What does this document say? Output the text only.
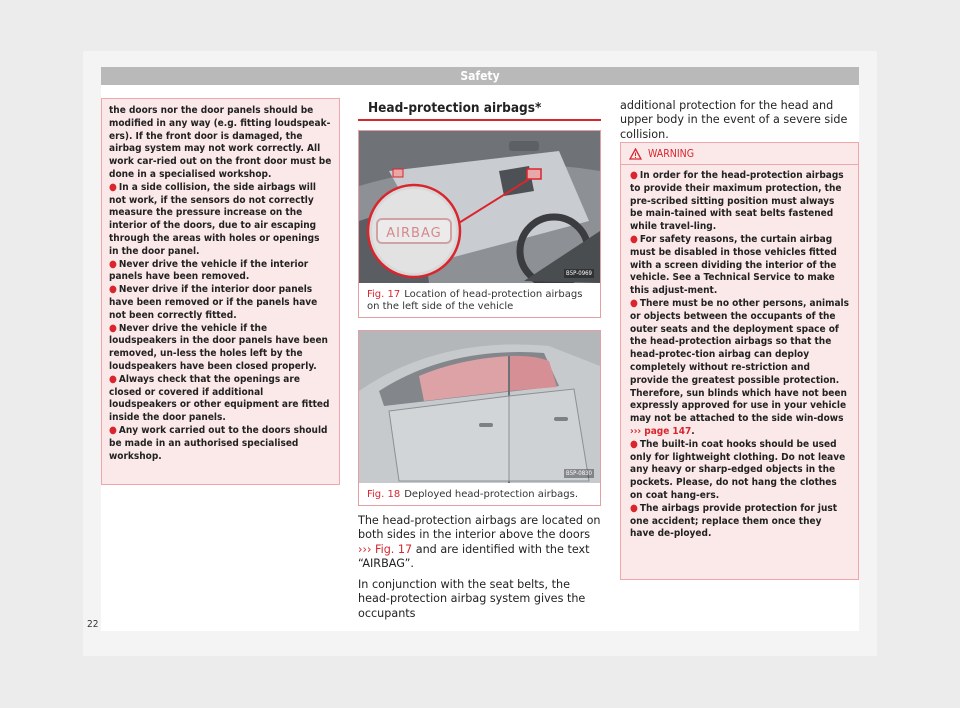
Safety

the doors nor the door panels should be modified in any way (e.g. fitting loudspeak-ers). If the front door is damaged, the airbag system may not work correctly. All work car-ried out on the front door must be done in a specialised workshop.

● In a side collision, the side airbags will not work, if the sensors do not correctly measure the pressure increase on the interior of the doors, due to air escaping through the areas with holes or openings in the door panel.
● Never drive the vehicle if the interior panels have been removed.
● Never drive if the interior door panels have been removed or if the panels have not been correctly fitted.
● Never drive the vehicle if the loudspeakers in the door panels have been removed, un-less the holes left by the loudspeakers have been closed properly.
● Always check that the openings are closed or covered if additional loudspeakers or other equipment are fitted inside the door panels.
● Any work carried out to the doors should be made in an authorised specialised workshop.
Head-protection airbags*
AIRBAG
B5P-0969
Fig. 17 Location of head-protection airbags on the left side of the vehicle
B5P-0830
Fig. 18 Deployed head-protection airbags.
The head-protection airbags are located on both sides in the interior above the doors ››› Fig. 17 and are identified with the text “AIRBAG”.
In conjunction with the seat belts, the head-protection airbag system gives the occupants
additional protection for the head and upper body in the event of a severe side collision.
WARNING
● In order for the head-protection airbags to provide their maximum protection, the pre-scribed sitting position must always be main-tained with seat belts fastened while travel-ling.
● For safety reasons, the curtain airbag must be disabled in those vehicles fitted with a screen dividing the interior of the vehicle. See a Technical Service to make this adjust-ment.
● There must be no other persons, animals or objects between the occupants of the outer seats and the deployment space of the head-protection airbags so that the head-protec-tion airbag can deploy completely without re-striction and provide the greatest possible protection. Therefore, sun blinds which have not been expressly approved for use in your vehicle may not be attached to the side win-dows ››› page 147.
● The built-in coat hooks should be used only for lightweight clothing. Do not leave any heavy or sharp-edged objects in the pockets. Please, do not hang the clothes on coat hang-ers.
● The airbags provide protection for just one accident; replace them once they have de-ployed.
22
